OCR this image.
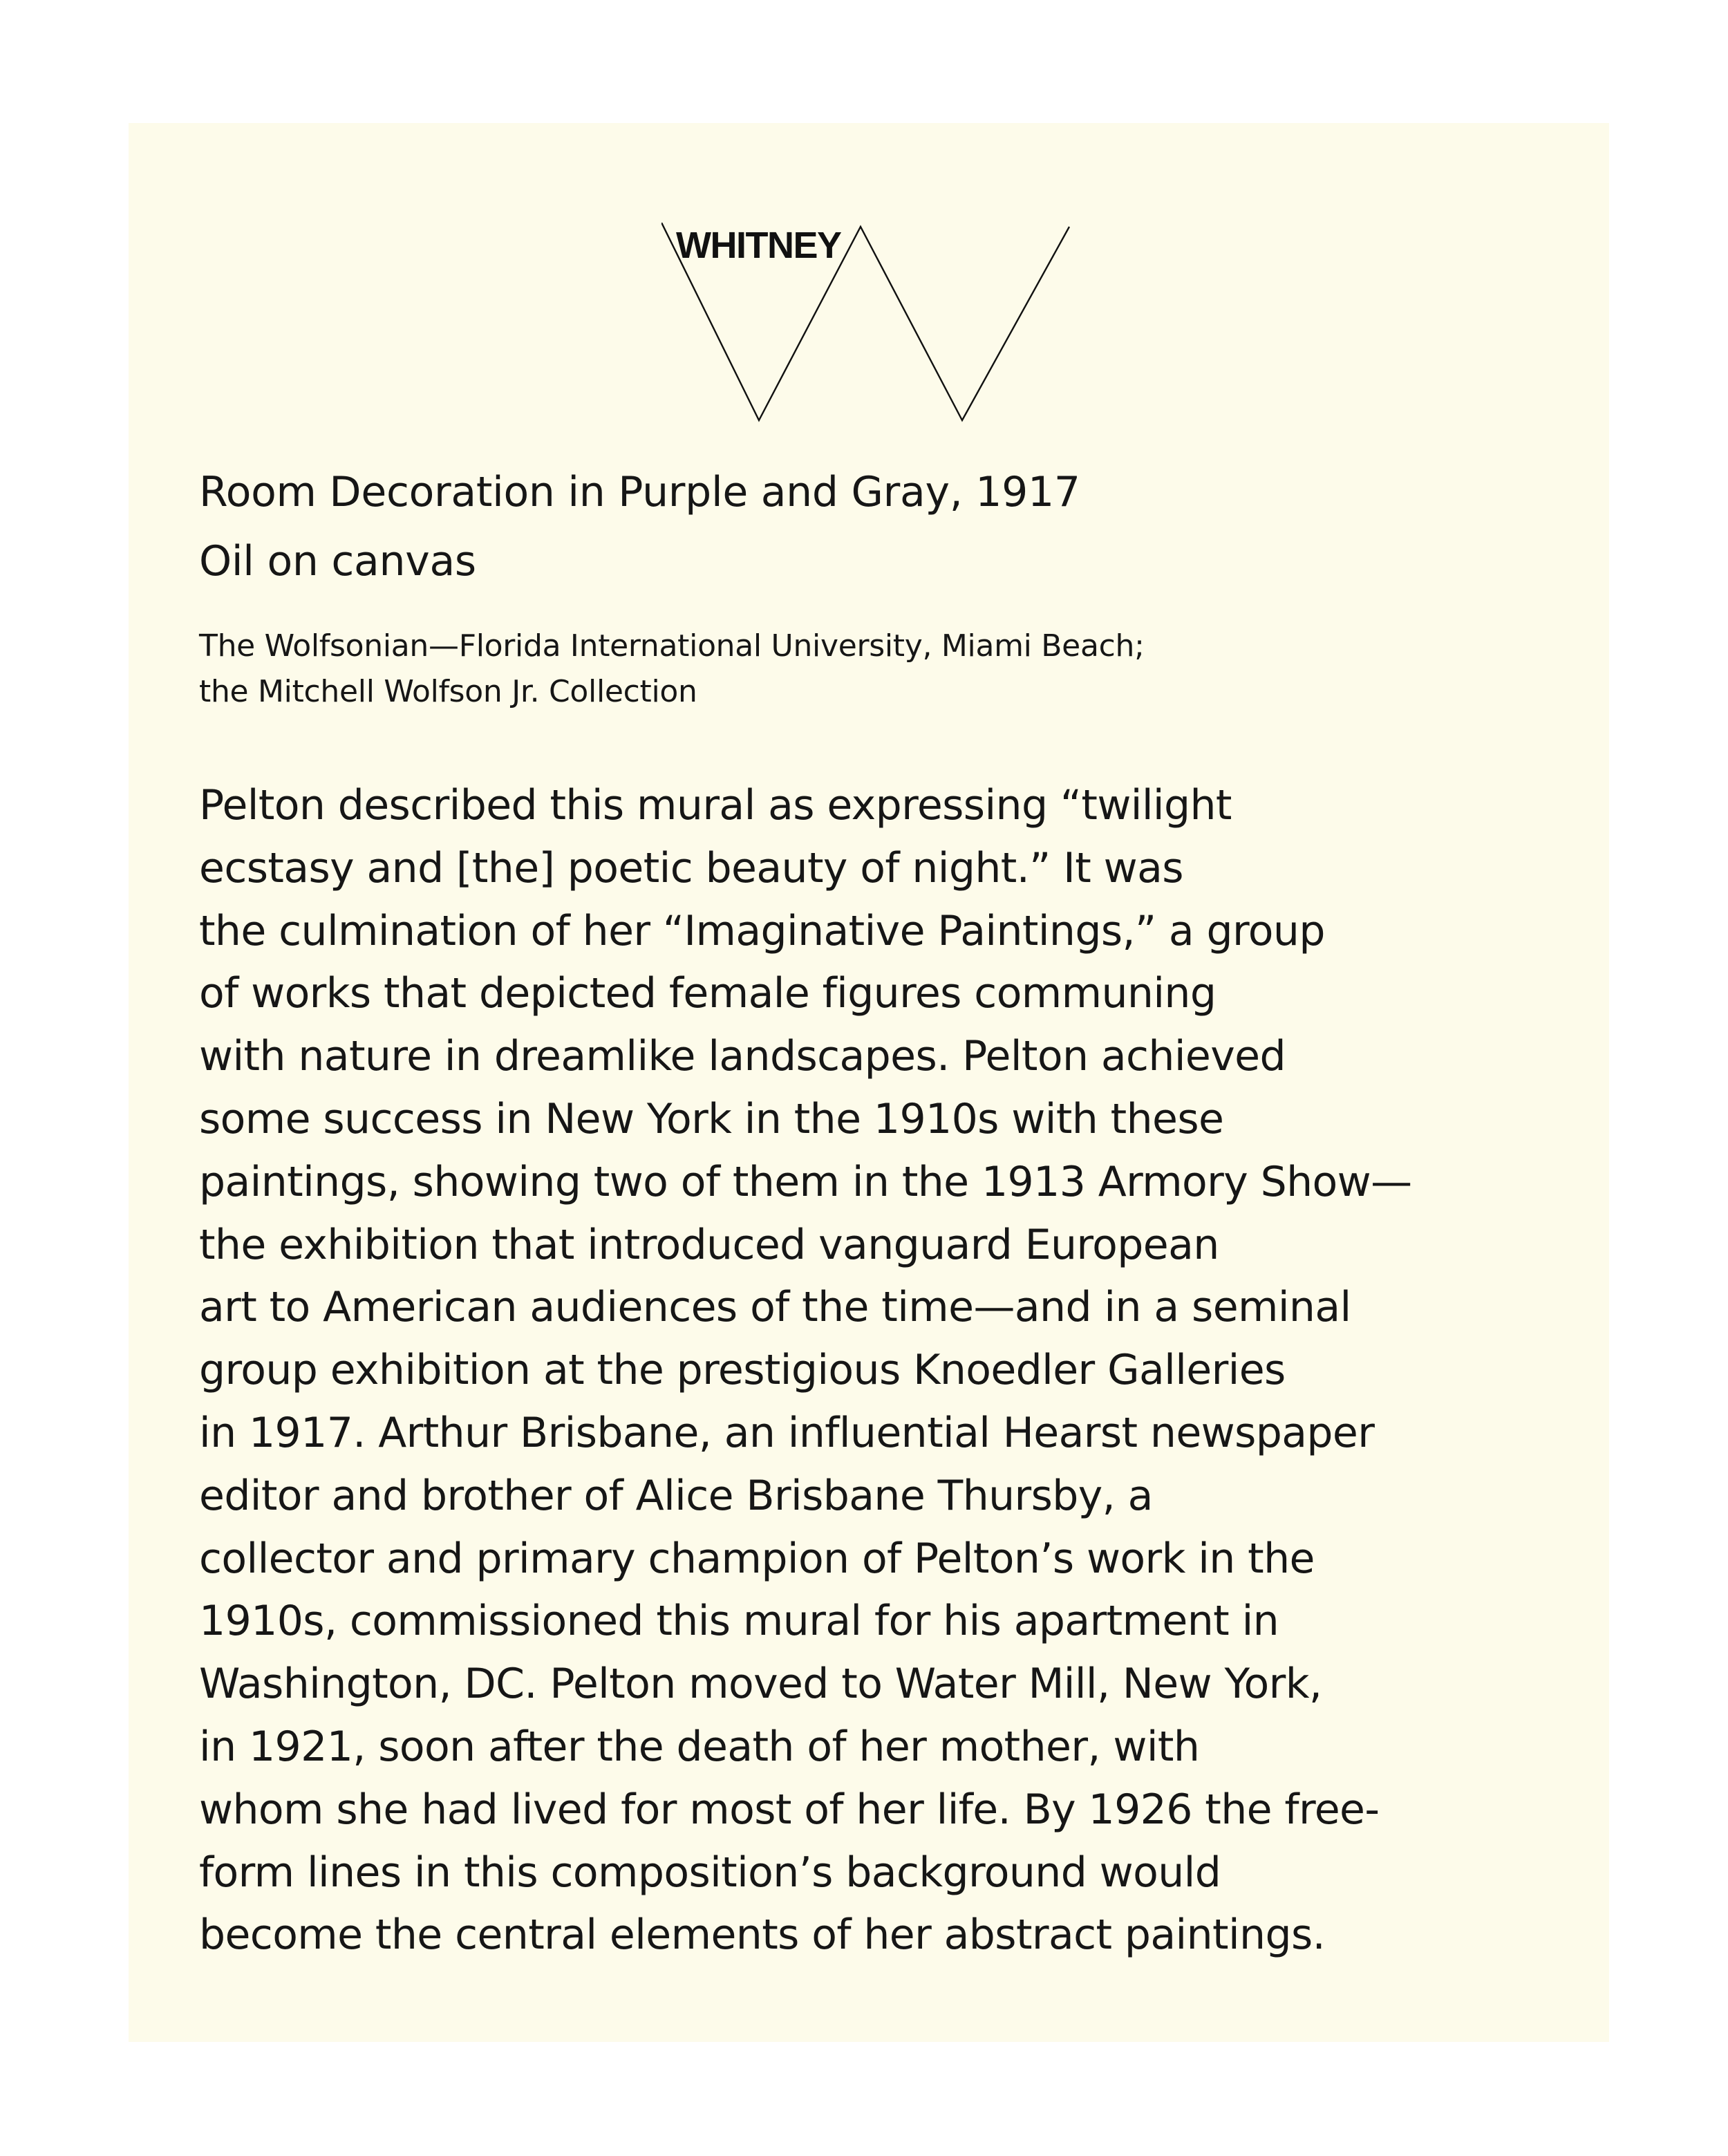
WHITNEY
Room Decoration in Purple and Gray, 1917
Oil on canvas
The Wolfsonian—Florida International University, Miami Beach;
the Mitchell Wolfson Jr. Collection
Pelton described this mural as expressing “twilight
ecstasy and [the] poetic beauty of night.” It was
the culmination of her “Imaginative Paintings,” a group
of works that depicted female figures communing
with nature in dreamlike landscapes. Pelton achieved
some success in New York in the 1910s with these
paintings, showing two of them in the 1913 Armory Show—
the exhibition that introduced vanguard European
art to American audiences of the time—and in a seminal
group exhibition at the prestigious Knoedler Galleries
in 1917. Arthur Brisbane, an influential Hearst newspaper
editor and brother of Alice Brisbane Thursby, a
collector and primary champion of Pelton’s work in the
1910s, commissioned this mural for his apartment in
Washington, DC. Pelton moved to Water Mill, New York,
in 1921, soon after the death of her mother, with
whom she had lived for most of her life. By 1926 the free-
form lines in this composition’s background would
become the central elements of her abstract paintings.
